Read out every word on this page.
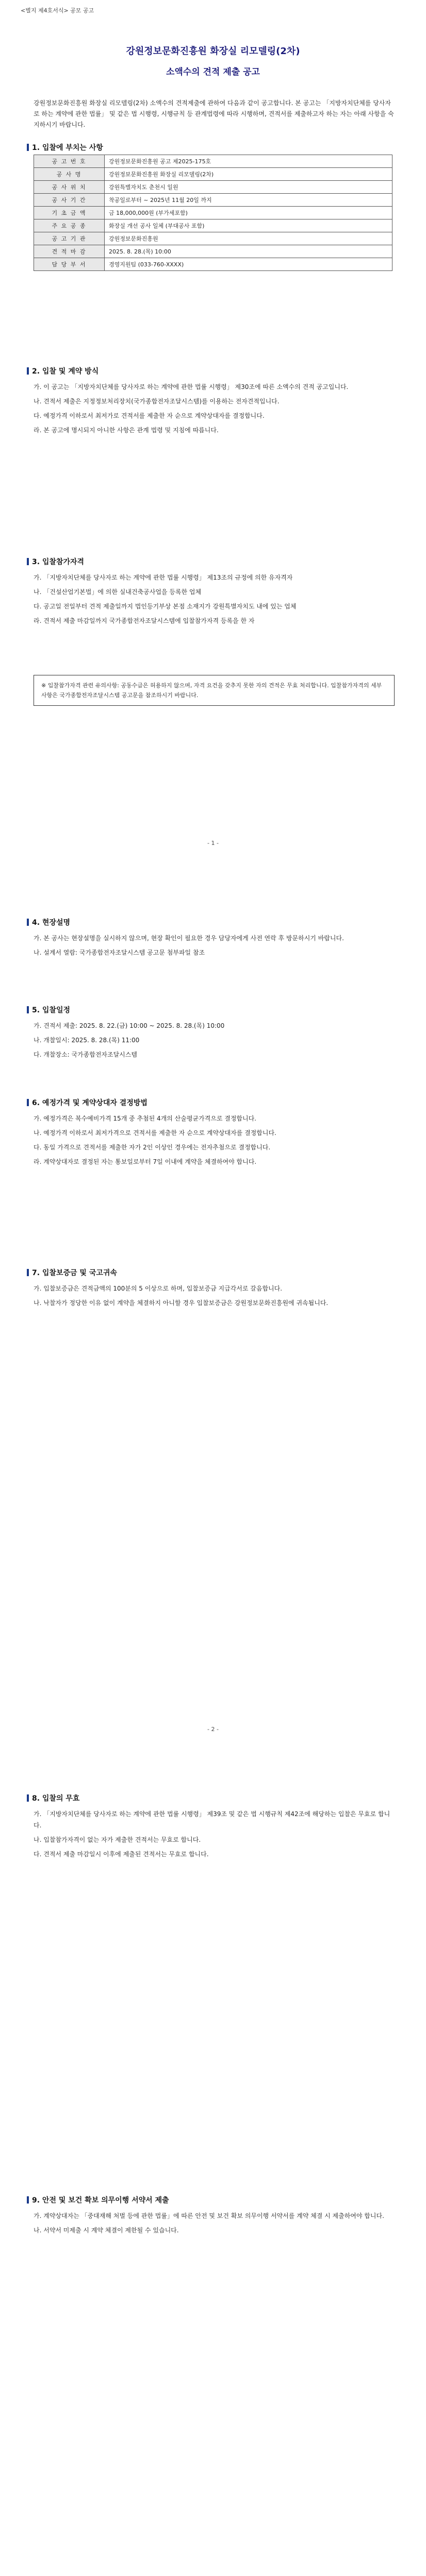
<별지 제4호서식> 공모 공고
강원정보문화진흥원 화장실 리모델링(2차)
소액수의 견적 제출 공고
강원정보문화진흥원 화장실 리모델링(2차) 소액수의 견적제출에 관하여 다음과 같이 공고합니다. 본 공고는 「지방자치단체를 당사자로 하는 계약에 관한 법률」 및 같은 법 시행령, 시행규칙 등 관계법령에 따라 시행하며, 견적서를 제출하고자 하는 자는 아래 사항을 숙지하시기 바랍니다.
1. 입찰에 부치는 사항
공 고 번 호	강원정보문화진흥원 공고 제2025-175호
공 사 명	강원정보문화진흥원 화장실 리모델링(2차)
공 사 위 치	강원특별자치도 춘천시 일원
공 사 기 간	착공일로부터 ~ 2025년 11월 20일 까지
기 초 금 액	금 18,000,000원 (부가세포함)
주 요 공 종	화장실 개선 공사 일체 (부대공사 포함)
공 고 기 관	강원정보문화진흥원
견 적 마 감	2025. 8. 28.(목) 10:00
담 당 부 서	경영지원팀 (033-760-XXXX)
2. 입찰 및 계약 방식

가. 이 공고는 「지방자치단체를 당사자로 하는 계약에 관한 법률 시행령」 제30조에 따른 소액수의 견적 공고입니다.

나. 견적서 제출은 지정정보처리장치(국가종합전자조달시스템)를 이용하는 전자견적입니다.

다. 예정가격 이하로서 최저가로 견적서를 제출한 자 순으로 계약상대자를 결정합니다.

라. 본 공고에 명시되지 아니한 사항은 관계 법령 및 지침에 따릅니다.

3. 입찰참가자격

가. 「지방자치단체를 당사자로 하는 계약에 관한 법률 시행령」 제13조의 규정에 의한 유자격자

나. 「건설산업기본법」에 의한 실내건축공사업을 등록한 업체

다. 공고일 전일부터 견적 제출일까지 법인등기부상 본점 소재지가 강원특별자치도 내에 있는 업체

라. 견적서 제출 마감일까지 국가종합전자조달시스템에 입찰참가자격 등록을 한 자

※ 입찰참가자격 관련 유의사항: 공동수급은 허용하지 않으며, 자격 요건을 갖추지 못한 자의 견적은 무효 처리합니다. 입찰참가자격의 세부 사항은 국가종합전자조달시스템 공고문을 참조하시기 바랍니다.
- 1 -
4. 현장설명

가. 본 공사는 현장설명을 실시하지 않으며, 현장 확인이 필요한 경우 담당자에게 사전 연락 후 방문하시기 바랍니다.

나. 설계서 열람: 국가종합전자조달시스템 공고문 첨부파일 참조

5. 입찰일정

가. 견적서 제출: 2025. 8. 22.(금) 10:00 ~ 2025. 8. 28.(목) 10:00

나. 개찰일시: 2025. 8. 28.(목) 11:00

다. 개찰장소: 국가종합전자조달시스템

6. 예정가격 및 계약상대자 결정방법

가. 예정가격은 복수예비가격 15개 중 추첨된 4개의 산술평균가격으로 결정합니다.

나. 예정가격 이하로서 최저가격으로 견적서를 제출한 자 순으로 계약상대자를 결정합니다.

다. 동일 가격으로 견적서를 제출한 자가 2인 이상인 경우에는 전자추첨으로 결정합니다.

라. 계약상대자로 결정된 자는 통보일로부터 7일 이내에 계약을 체결하여야 합니다.

7. 입찰보증금 및 국고귀속

가. 입찰보증금은 견적금액의 100분의 5 이상으로 하며, 입찰보증금 지급각서로 갈음합니다.

나. 낙찰자가 정당한 이유 없이 계약을 체결하지 아니할 경우 입찰보증금은 강원정보문화진흥원에 귀속됩니다.

- 2 -
8. 입찰의 무효

가. 「지방자치단체를 당사자로 하는 계약에 관한 법률 시행령」 제39조 및 같은 법 시행규칙 제42조에 해당하는 입찰은 무효로 합니다.

나. 입찰참가자격이 없는 자가 제출한 견적서는 무효로 합니다.

다. 견적서 제출 마감일시 이후에 제출된 견적서는 무효로 합니다.

9. 안전 및 보건 확보 의무이행 서약서 제출

가. 계약상대자는 「중대재해 처벌 등에 관한 법률」에 따른 안전 및 보건 확보 의무이행 서약서를 계약 체결 시 제출하여야 합니다.

나. 서약서 미제출 시 계약 체결이 제한될 수 있습니다.
